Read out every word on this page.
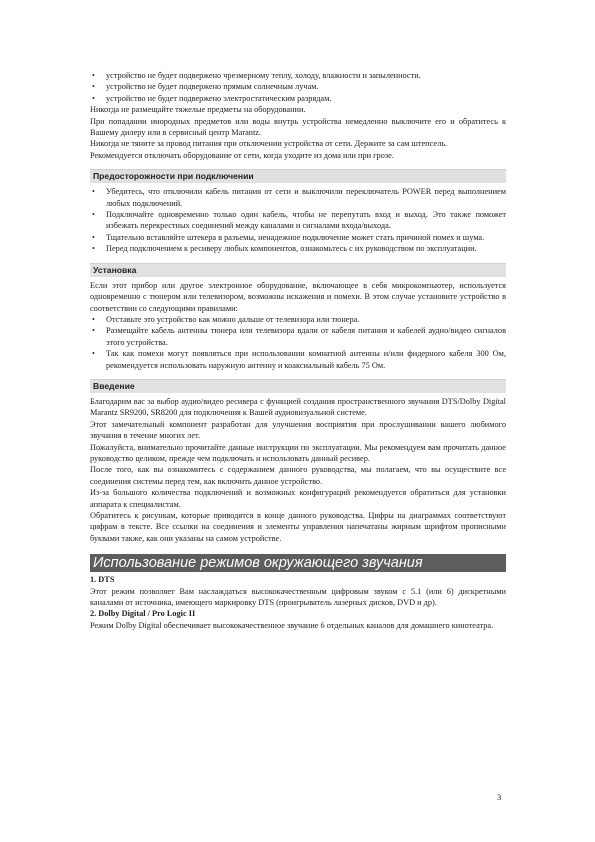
• устройство не будет подвержено чрезмерному теплу, холоду, влажности и запыленности.
• устройство не будет подвержено прямым солнечным лучам.
• устройство не будет подвержено электростатическим разрядам.

Никогда не размещайте тяжелые предметы на оборудовании.

При попадании инородных предметов или воды внутрь устройства немедленно выключите его и обратитесь к Вашему дилеру или в сервисный центр Marantz.

Никогда не тяните за провод питания при отключении устройства от сети. Держите за сам штепсель.

Рекомендуется отключать оборудование от сети, когда уходите из дома или при грозе.

Предосторожности при подключении
• Убедитесь, что отключили кабель питания от сети и выключили переключатель POWER перед выполнением любых подключений.
• Подключайте одновременно только один кабель, чтобы не перепутать вход и выход. Это также поможет избежать перекрестных соединений между каналами и сигналами входа/выхода.
• Тщательно вставляйте штекера в разъемы, ненадежное подключение может стать причиной помех и шума.
• Перед подключением к ресиверу любых компонентов, ознакомьтесь с их руководством по эксплуатации.
Установка

Если этот прибор или другое электронное оборудование, включающее в себя микрокомпьютер, используется одновременно с тюнером или телевизором, возможны искажения и помехи. В этом случае установите устройство в соответствии со следующими правилами:

• Отставьте это устройство как можно дальше от телевизора или тюнера.
• Размещайте кабель антенны тюнера или телевизора вдали от кабеля питания и кабелей аудио/видео сигналов этого устройства.
• Так как помехи могут появляться при использовании комнатной антенны и/или фидерного кабеля 300 Ом, рекомендуется использовать наружную антенну и коаксиальный кабель 75 Ом.
Введение

Благодарим вас за выбор аудио/видео ресивера с функцией создания пространственного звучания DTS/Dolby Digital Marantz SR9200, SR8200 для подключения к Вашей аудиовизуальной системе.

Этот замечательный компонент разработан для улучшения восприятия при прослушивании вашего любимого звучания в течение многих лет.

Пожалуйста, внимательно прочитайте данные инструкции по эксплуатации. Мы рекомендуем вам прочитать данное руководство целиком, прежде чем подключать и использовать данный ресивер.

После того, как вы ознакомитесь с содержанием данного руководства, мы полагаем, что вы осуществите все соединения системы перед тем, как включить данное устройство.

Из-за большого количества подключений и возможных конфигураций рекомендуется обратиться для установки аппарата к специалистам.

Обратитесь к рисункам, которые приводятся в конце данного руководства. Цифры на диаграммах соответствуют цифрам в тексте. Все ссылки на соединения и элементы управления напечатаны жирным шрифтом прописными буквами также, как они указаны на самом устройстве.

Использование режимов окружающего звучания

1. DTS

Этот режим позволяет Вам наслаждаться высококачественным цифровым звуком с 5.1 (или 6) дискретными каналами от источника, имеющего маркировку DTS (проигрыватель лазерных дисков, DVD и др).

2. Dolby Digital / Pro Logic II

Режим Dolby Digital обеспечивает высококачественное звучание 6 отдельных каналов для домашнего кинотеатра.

3
